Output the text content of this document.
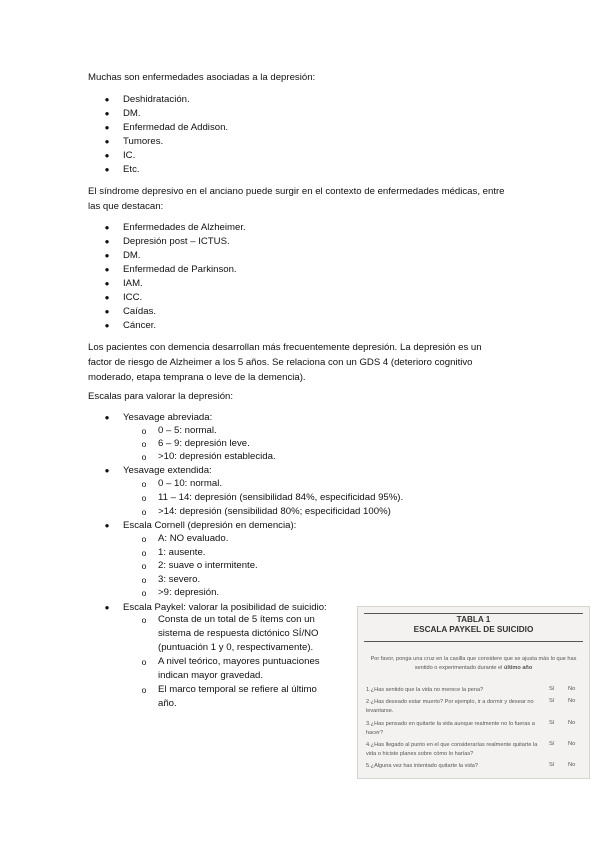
Muchas son enfermedades asociadas a la depresión:

● Deshidratación.
● DM.
● Enfermedad de Addison.
● Tumores.
● IC.
● Etc.

El síndrome depresivo en el anciano puede surgir en el contexto de enfermedades médicas, entre las que destacan:

● Enfermedades de Alzheimer.
● Depresión post – ICTUS.
● DM.
● Enfermedad de Parkinson.
● IAM.
● ICC.
● Caídas.
● Cáncer.

Los pacientes con demencia desarrollan más frecuentemente depresión. La depresión es un factor de riesgo de Alzheimer a los 5 años. Se relaciona con un GDS 4 (deterioro cognitivo moderado, etapa temprana o leve de la demencia).

Escalas para valorar la depresión:

● Yesavage abreviada:
o 0 – 5: normal.
o 6 – 9: depresión leve.
o >10: depresión establecida.
● Yesavage extendida:
o 0 – 10: normal.
o 11 – 14: depresión (sensibilidad 84%, especificidad 95%).
o >14: depresión (sensibilidad 80%; especificidad 100%)
● Escala Cornell (depresión en demencia):
o A: NO evaluado.
o 1: ausente.
o 2: suave o intermitente.
o 3: severo.
o >9: depresión.
● Escala Paykel: valorar la posibilidad de suicidio:
o Consta de un total de 5 ítems con un sistema de respuesta dictónico SÍ/NO (puntuación 1 y 0, respectivamente).
o A nivel teórico, mayores puntuaciones indican mayor gravedad.
o El marco temporal se refiere al último año.
TABLA 1
ESCALA PAYKEL DE SUICIDIO
Por favor, ponga una cruz en la casilla que considere que se ajusta más lo que has sentido o experimentado durante el último año
1.¿Has sentido que la vida no merece la pena?	Sí No
2.¿Has deseado estar muerto? Por ejemplo, ir a dormir y desear no levantarse.
Sí No
3.¿Has pensado en quitarte la vida aunque realmente no lo fueras a hacer?
Sí No
4.¿Has llegado al punto en el que considerarías realmente quitarte la vida o hiciste planes sobre cómo lo harías?
Sí No
5.¿Alguna vez has intentado quitarte la vida?	Sí No
